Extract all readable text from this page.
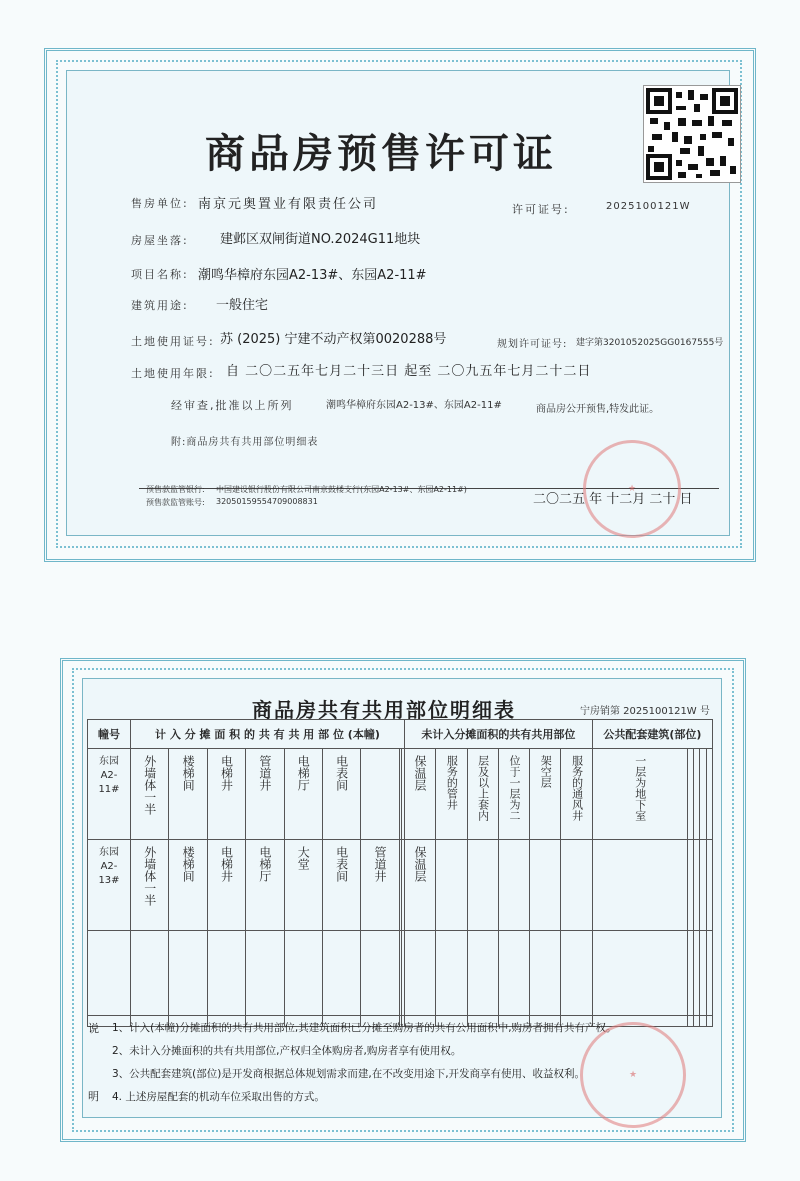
商品房预售许可证
售房单位: 南京元奥置业有限责任公司	许可证号:	2025100121W
房屋坐落: 建邺区双闸街道NO.2024G11地块
项目名称: 潮鸣华樟府东园A2-13#、东园A2-11#
建筑用途: 一般住宅
土地使用证号: 苏 (2025) 宁建不动产权第0020288号	规划许可证号: 建字第3201052025GG0167555号
土地使用年限: 自 二〇二五年七月二十三日 起至 二〇九五年七月二十二日
经审查,批准以上所列	潮鸣华樟府东园A2-13#、东园A2-11#	商品房公开预售,特发此证。
附:商品房共有共用部位明细表
预售款监管银行: 中国建设银行股份有限公司南京鼓楼支行(东园A2-13#、东园A2-11#)
预售款监管账号: 32050159554709008831	二〇二五 年 十二月 二十 日
★
商品房共有共用部位明细表	宁房销第 2025100121W 号
幢号	计 入 分 摊 面 积 的 共 有 共 用 部 位 (本幢)									未计入分摊面积的共有共用部位						公共配套建筑(部位)				

东园A2-11#	外墙体一半	楼梯间	电梯井	管道井	电梯厅	电表间				保温层	服务的管井	层及以上套内	位于一层为二	架空层	服务的通风井	一层为地下室				

东园A2-13#	外墙体一半	楼梯间	电梯井	电梯厅	大堂	电表间	管道井			保温层										

说
明
1、计入(本幢)分摊面积的共有共用部位,其建筑面积已分摊至购房者的共有公用面积中,购房者拥有共有产权。
2、未计入分摊面积的共有共用部位,产权归全体购房者,购房者享有使用权。
3、公共配套建筑(部位)是开发商根据总体规划需求而建,在不改变用途下,开发商享有使用、收益权利。
4. 上述房屋配套的机动车位采取出售的方式。
★
